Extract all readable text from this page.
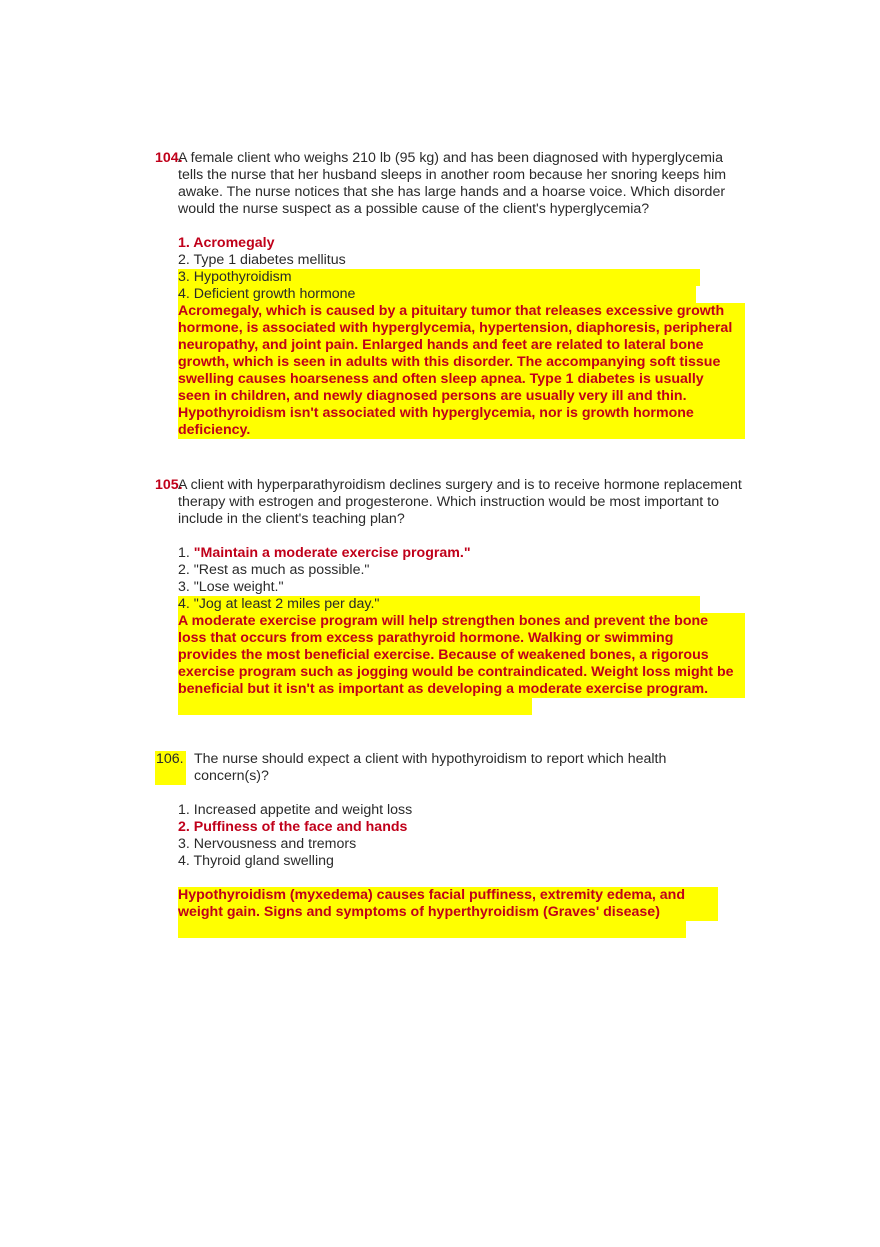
104.
A female client who weighs 210 lb (95 kg) and has been diagnosed with hyperglycemia tells the nurse that her husband sleeps in another room because her snoring keeps him awake. The nurse notices that she has large hands and a hoarse voice. Which disorder would the nurse suspect as a possible cause of the client's hyperglycemia?
1. Acromegaly
2. Type 1 diabetes mellitus
3. Hypothyroidism
4. Deficient growth hormone
Acromegaly, which is caused by a pituitary tumor that releases excessive growth hormone, is associated with hyperglycemia, hypertension, diaphoresis, peripheral neuropathy, and joint pain. Enlarged hands and feet are related to lateral bone growth, which is seen in adults with this disorder. The accompanying soft tissue swelling causes hoarseness and often sleep apnea. Type 1 diabetes is usually seen in children, and newly diagnosed persons are usually very ill and thin. Hypothyroidism isn't associated with hyperglycemia, nor is growth hormone deficiency.
105.
A client with hyperparathyroidism declines surgery and is to receive hormone replacement therapy with estrogen and progesterone. Which instruction would be most important to include in the client's teaching plan?
1. "Maintain a moderate exercise program."
2. "Rest as much as possible."
3. "Lose weight."
4. "Jog at least 2 miles per day."
A moderate exercise program will help strengthen bones and prevent the bone loss that occurs from excess parathyroid hormone. Walking or swimming provides the most beneficial exercise. Because of weakened bones, a rigorous exercise program such as jogging would be contraindicated. Weight loss might be beneficial but it isn't as important as developing a moderate exercise program.
106. The nurse should expect a client with hypothyroidism to report which health concern(s)?
1. Increased appetite and weight loss
2. Puffiness of the face and hands
3. Nervousness and tremors
4. Thyroid gland swelling
Hypothyroidism (myxedema) causes facial puffiness, extremity edema, and weight gain. Signs and symptoms of hyperthyroidism (Graves' disease)
